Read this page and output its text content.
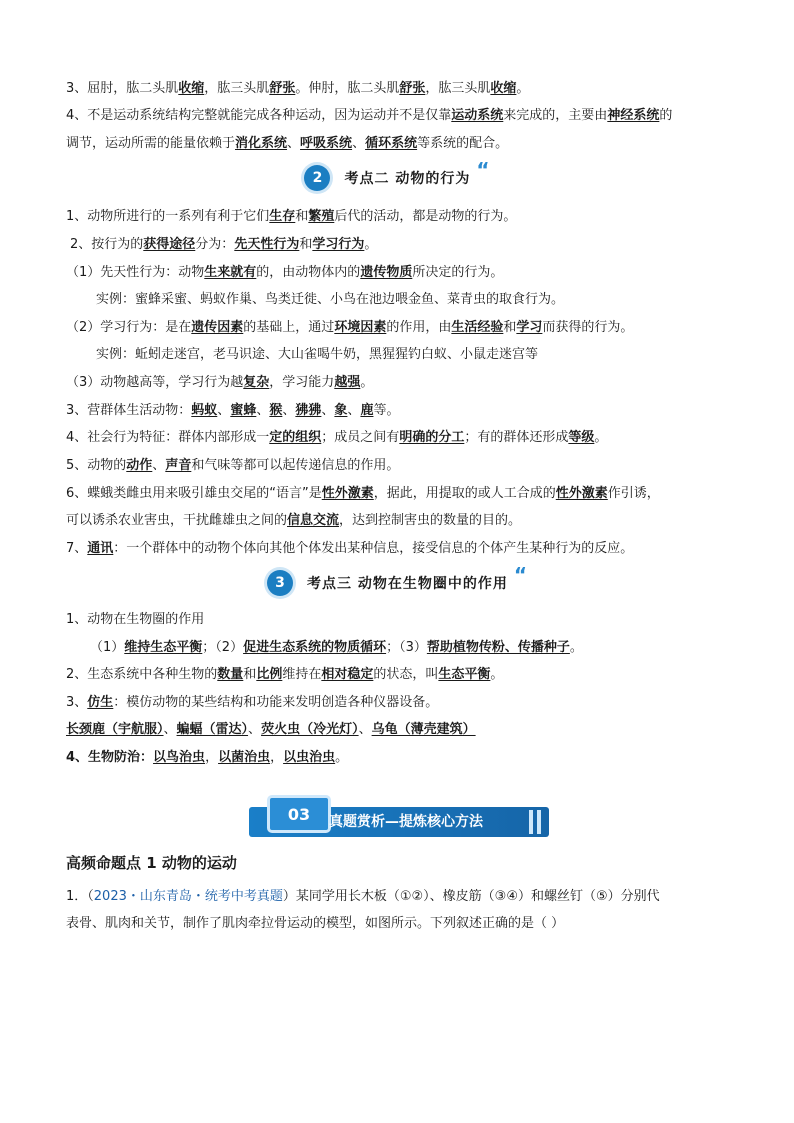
3、屈肘，肱二头肌收缩，肱三头肌舒张。伸肘，肱二头肌舒张，肱三头肌收缩。
4、不是运动系统结构完整就能完成各种运动，因为运动并不是仅靠运动系统来完成的，主要由神经系统的
调节，运动所需的能量依赖于消化系统、呼吸系统、循环系统等系统的配合。
2	考点二 动物的行为 “
1、动物所进行的一系列有利于它们生存和繁殖后代的活动，都是动物的行为。
2、按行为的获得途径分为：先天性行为和学习行为。
（1）先天性行为：动物生来就有的，由动物体内的遗传物质所决定的行为。
实例：蜜蜂采蜜、蚂蚁作巢、鸟类迁徙、小鸟在池边喂金鱼、菜青虫的取食行为。
（2）学习行为：是在遗传因素的基础上，通过环境因素的作用，由生活经验和学习而获得的行为。
实例：蚯蚓走迷宫，老马识途、大山雀喝牛奶，黑猩猩钓白蚁、小鼠走迷宫等
（3）动物越高等，学习行为越复杂，学习能力越强。
3、营群体生活动物：蚂蚁、蜜蜂、猴、狒狒、象、鹿等。
4、社会行为特征：群体内部形成一定的组织；成员之间有明确的分工；有的群体还形成等级。
5、动物的动作、声音和气味等都可以起传递信息的作用。
6、蝶蛾类雌虫用来吸引雄虫交尾的“语言”是性外激素，据此，用提取的或人工合成的性外激素作引诱，
可以诱杀农业害虫，干扰雌雄虫之间的信息交流，达到控制害虫的数量的目的。
7、通讯：一个群体中的动物个体向其他个体发出某种信息，接受信息的个体产生某种行为的反应。
3	考点三 动物在生物圈中的作用 “
1、动物在生物圈的作用
（1）维持生态平衡；（2）促进生态系统的物质循环；（3）帮助植物传粉、传播种子。
2、生态系统中各种生物的数量和比例维持在相对稳定的状态，叫生态平衡。
3、仿生：模仿动物的某些结构和功能来发明创造各种仪器设备。
长颈鹿（宇航服）、蝙蝠（雷达）、荧火虫（冷光灯）、乌龟（薄壳建筑）
4、生物防治：以鸟治虫，以菌治虫，以虫治虫。
03	真题赏析—提炼核心方法
高频命题点 1 动物的运动
1．（2023・山东青岛・统考中考真题）某同学用长木板（①②）、橡皮筋（③④）和螺丝钉（⑤）分别代
表骨、肌肉和关节，制作了肌肉牵拉骨运动的模型，如图所示。下列叙述正确的是（ ）
